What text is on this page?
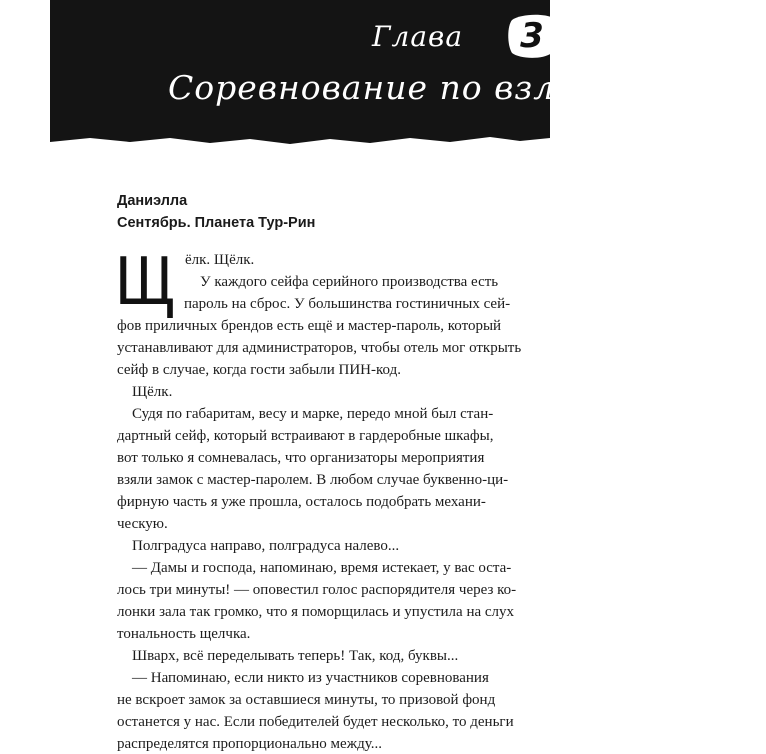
Глава	3
Соревнование по взлому сейфов
Даниэлла
Сентябрь. Планета Тур-Рин
Щ ёлк. Щёлк.
У каждого сейфа серийного производства есть
пароль на сброс. У большинства гостиничных сей-
фов приличных брендов есть ещё и мастер-пароль, который
устанавливают для администраторов, чтобы отель мог открыть
сейф в случае, когда гости забыли ПИН-код.
Щёлк.
Судя по габаритам, весу и марке, передо мной был стан-
дартный сейф, который встраивают в гардеробные шкафы,
вот только я сомневалась, что организаторы мероприятия
взяли замок с мастер-паролем. В любом случае буквенно-ци-
фирную часть я уже прошла, осталось подобрать механи-
ческую.
Полградуса направо, полградуса налево...
— Дамы и господа, напоминаю, время истекает, у вас оста-
лось три минуты! — оповестил голос распорядителя через ко-
лонки зала так громко, что я поморщилась и упустила на слух
тональность щелчка.
Шварх, всё переделывать теперь! Так, код, буквы...
— Напоминаю, если никто из участников соревнования
не вскроет замок за оставшиеся минуты, то призовой фонд
останется у нас. Если победителей будет несколько, то деньги
распределятся пропорционально между...
